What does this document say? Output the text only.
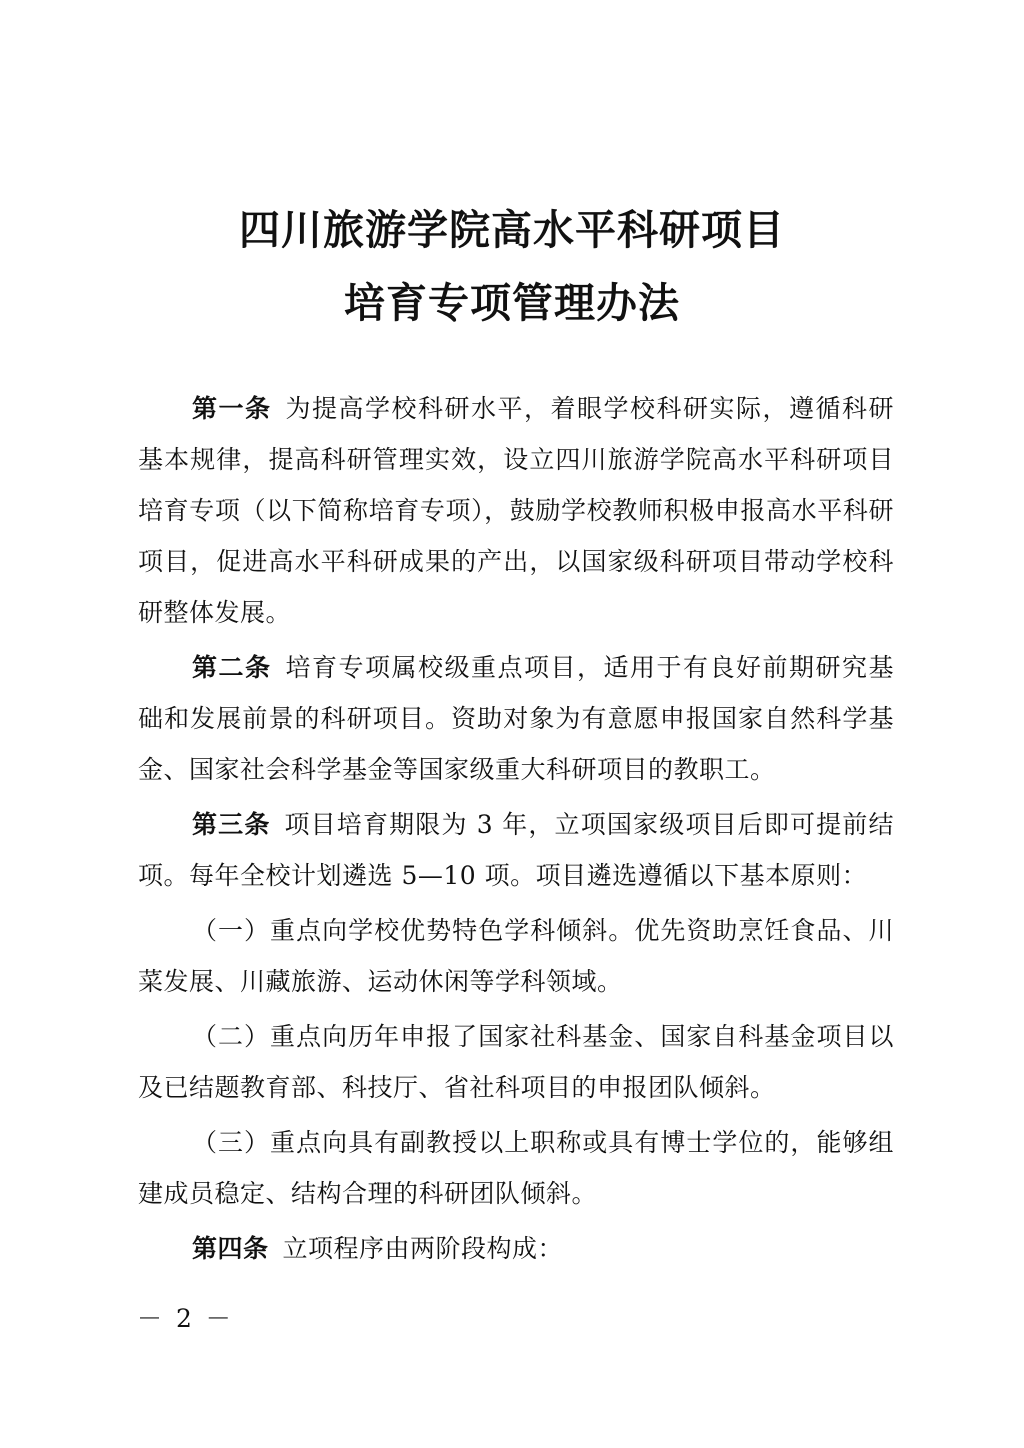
四川旅游学院高水平科研项目
培育专项管理办法

第一条 为提高学校科研水平，着眼学校科研实际，遵循科研基本规律，提高科研管理实效，设立四川旅游学院高水平科研项目培育专项（以下简称培育专项），鼓励学校教师积极申报高水平科研项目，促进高水平科研成果的产出，以国家级科研项目带动学校科研整体发展。

第二条 培育专项属校级重点项目，适用于有良好前期研究基础和发展前景的科研项目。资助对象为有意愿申报国家自然科学基金、国家社会科学基金等国家级重大科研项目的教职工。

第三条 项目培育期限为 3 年，立项国家级项目后即可提前结项。每年全校计划遴选 5—10 项。项目遴选遵循以下基本原则：

（一）重点向学校优势特色学科倾斜。优先资助烹饪食品、川菜发展、川藏旅游、运动休闲等学科领域。

（二）重点向历年申报了国家社科基金、国家自科基金项目以及已结题教育部、科技厅、省社科项目的申报团队倾斜。

（三）重点向具有副教授以上职称或具有博士学位的，能够组建成员稳定、结构合理的科研团队倾斜。

第四条 立项程序由两阶段构成：

－ 2 －
